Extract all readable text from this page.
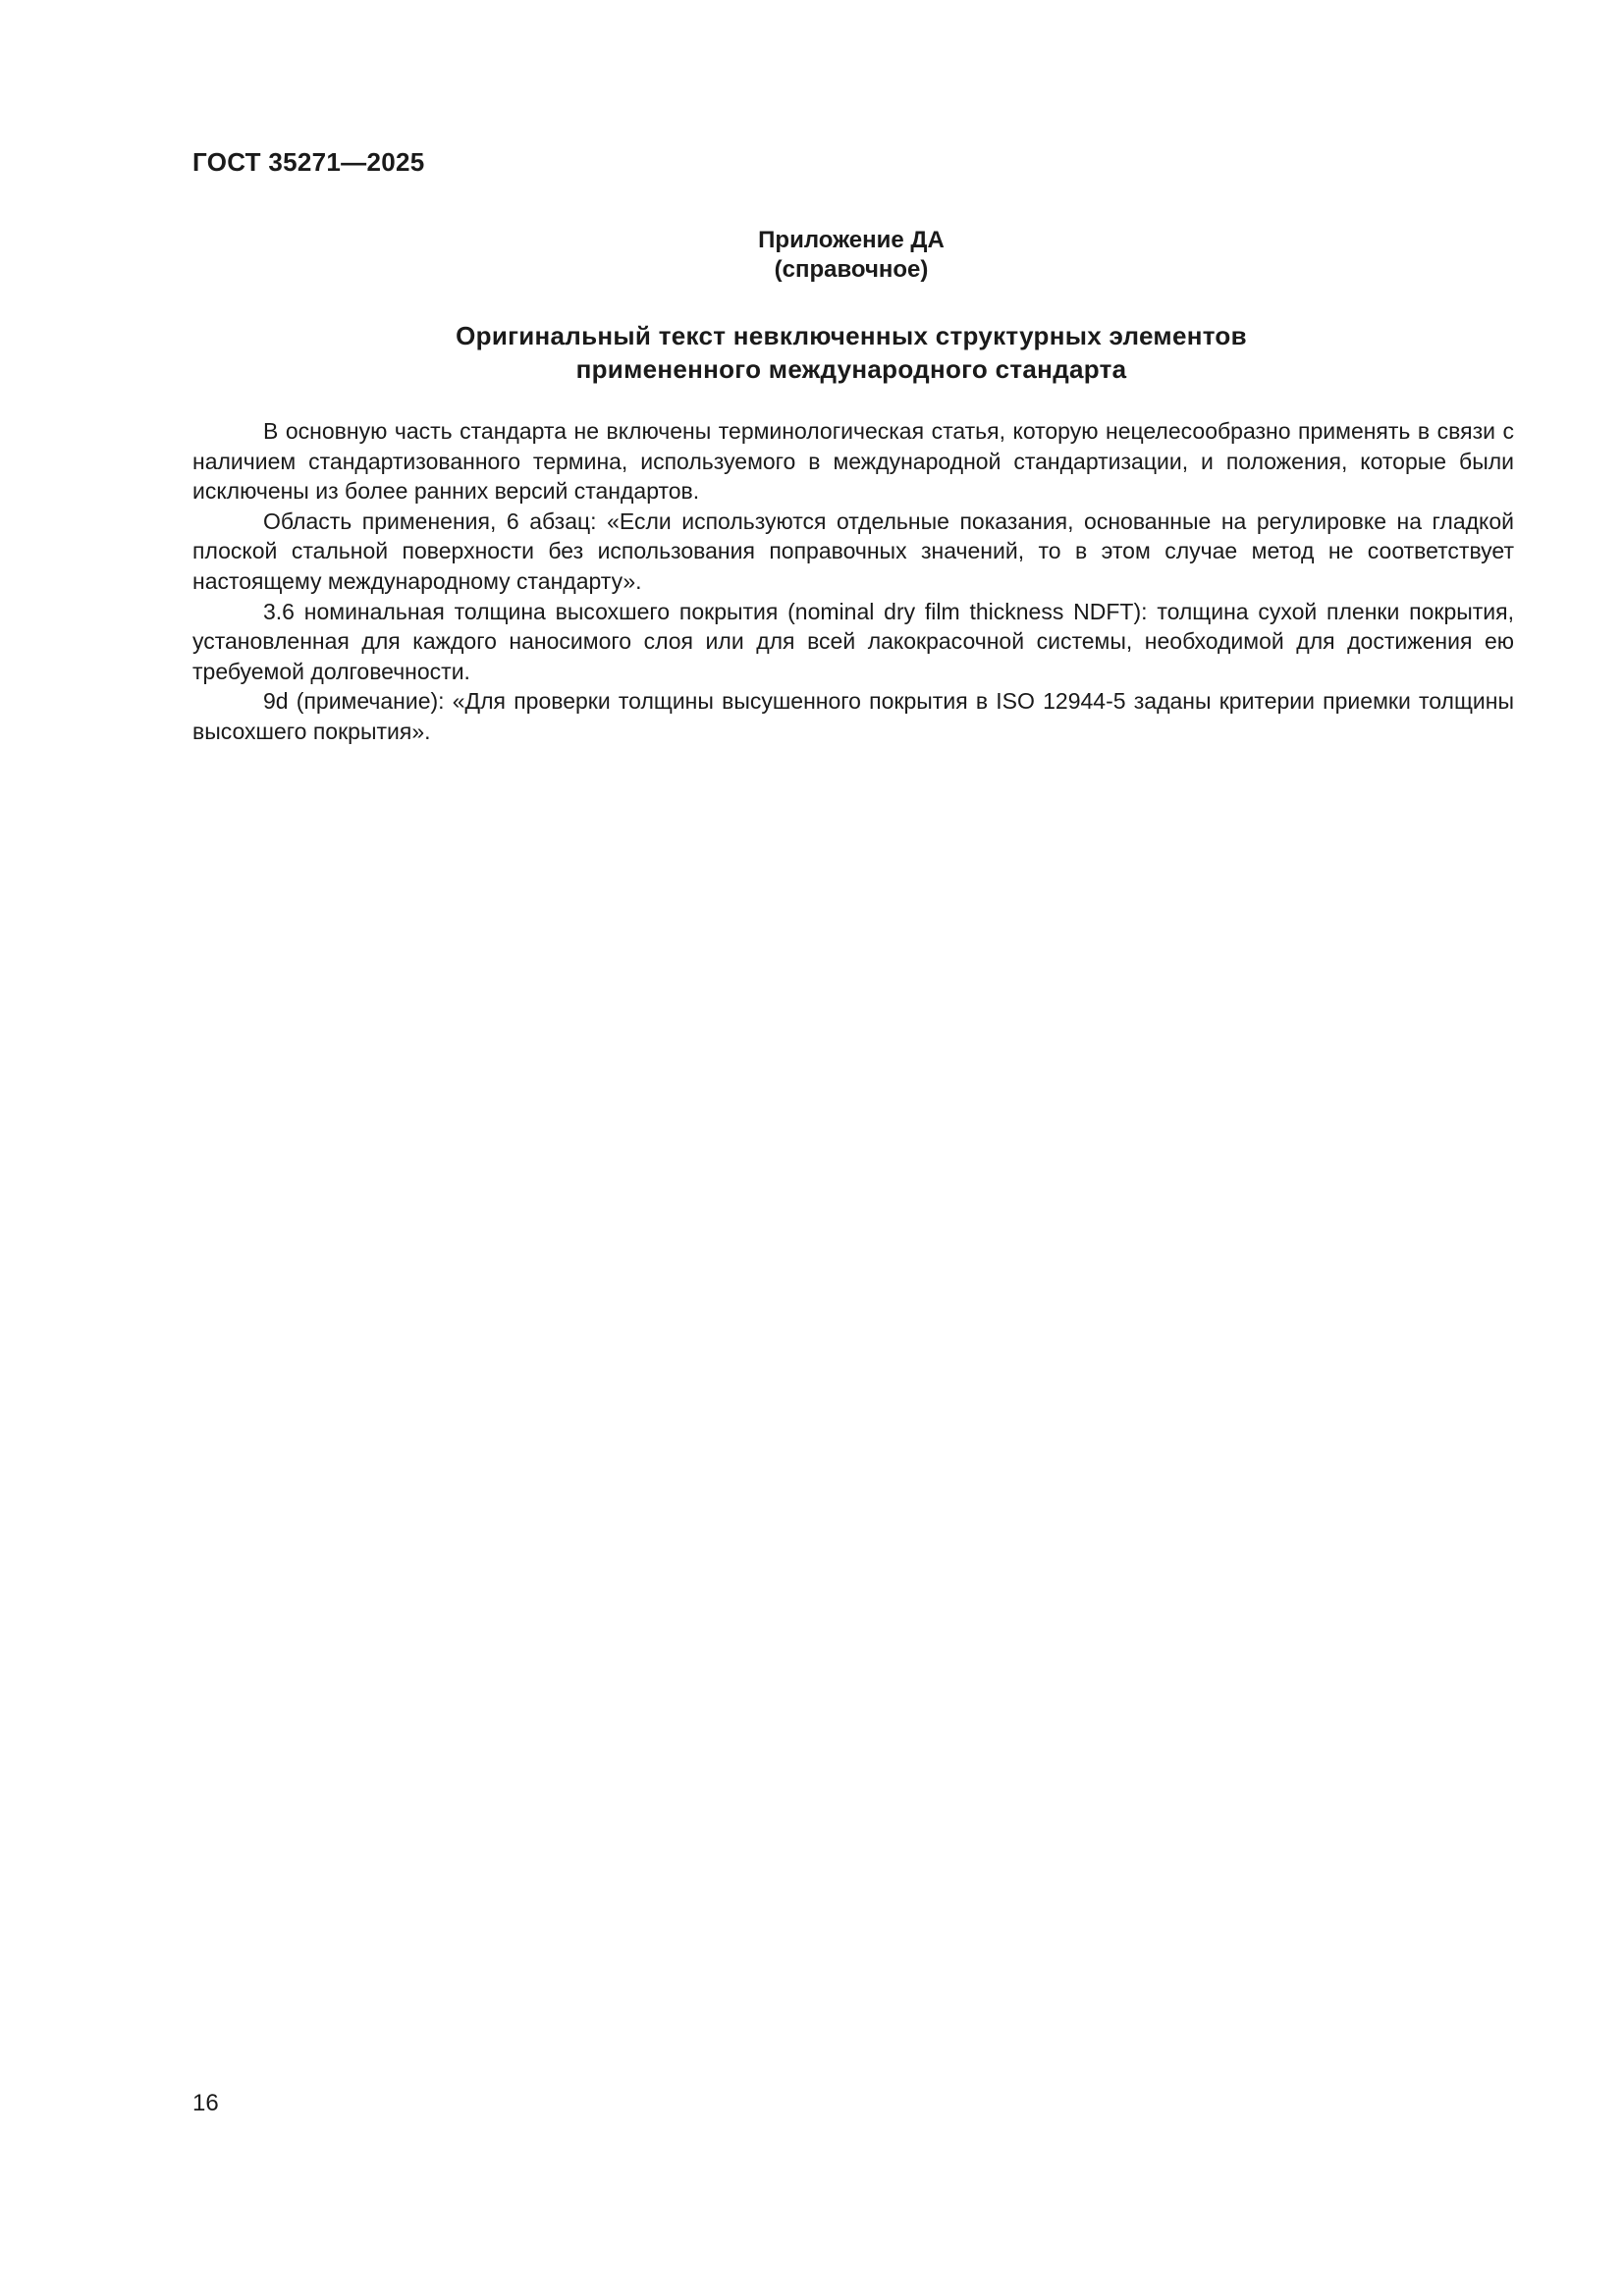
ГОСТ 35271—2025
Приложение ДА
(справочное)
Оригинальный текст невключенных структурных элементов
примененного международного стандарта

В основную часть стандарта не включены терминологическая статья, которую нецелесообразно применять в связи с наличием стандартизованного термина, используемого в международной стандартизации, и положения, которые были исключены из более ранних версий стандартов.

Область применения, 6 абзац: «Если используются отдельные показания, основанные на регулировке на гладкой плоской стальной поверхности без использования поправочных значений, то в этом случае метод не соответствует настоящему международному стандарту».

3.6 номинальная толщина высохшего покрытия (nominal dry film thickness NDFT): толщина сухой пленки покрытия, установленная для каждого наносимого слоя или для всей лакокрасочной системы, необходимой для достижения ею требуемой долговечности.

9d (примечание): «Для проверки толщины высушенного покрытия в ISO 12944-5 заданы критерии приемки толщины высохшего покрытия».

16
